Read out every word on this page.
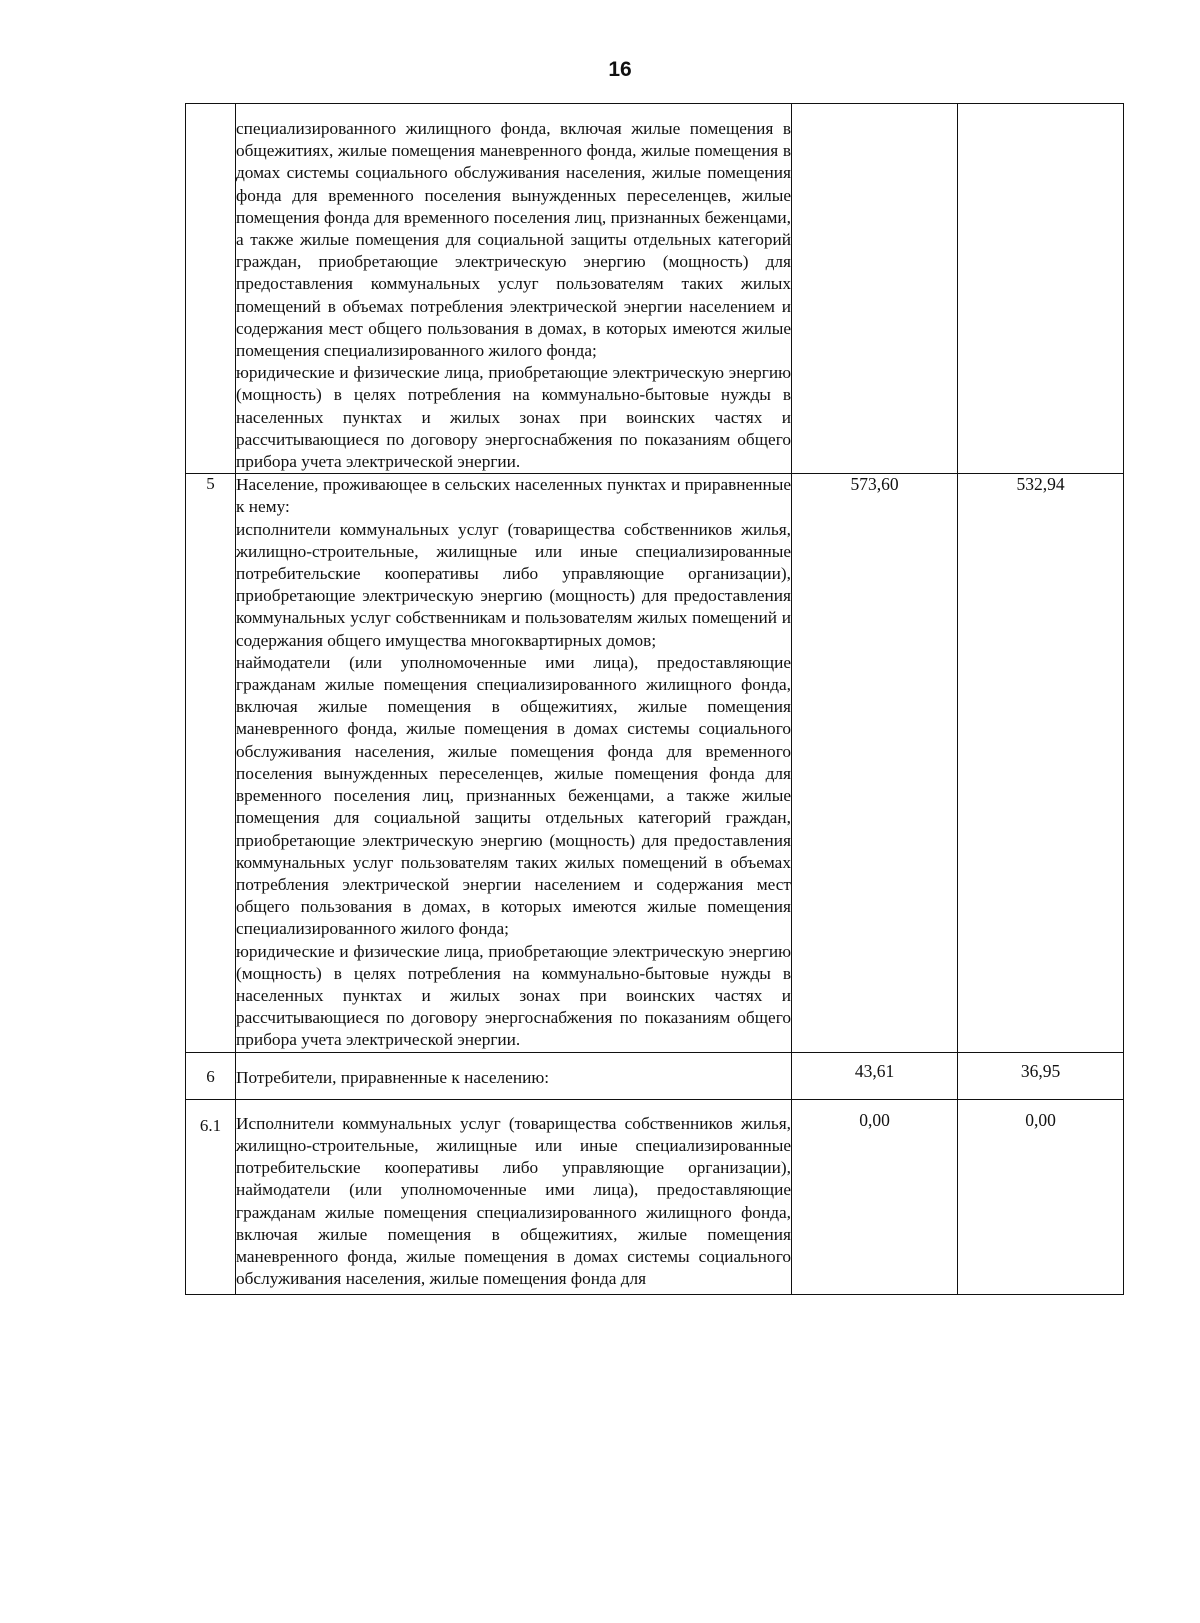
16

	специализированного жилищного фонда, включая жилые помещения в общежитиях, жилые помещения маневренного фонда, жилые помещения в домах системы социального обслуживания населения, жилые помещения фонда для временного поселения вынужденных переселенцев, жилые помещения фонда для временного поселения лиц, признанных беженцами, а также жилые помещения для социальной защиты отдельных категорий граждан, приобретающие электрическую энергию (мощность) для предоставления коммунальных услуг пользователям таких жилых помещений в объемах потребления электрической энергии населением и содержания мест общего пользования в домах, в которых имеются жилые помещения специализированного жилого фонда;

юридические и физические лица, приобретающие электрическую энергию (мощность) в целях потребления на коммунально-бытовые нужды в населенных пунктах и жилых зонах при воинских частях и рассчитывающиеся по договору энергоснабжения по показаниям общего прибора учета электрической энергии.		

5	Население, проживающее в сельских населенных пунктах и приравненные к нему:

исполнители коммунальных услуг (товарищества собственников жилья, жилищно-строительные, жилищные или иные специализированные потребительские кооперативы либо управляющие организации), приобретающие электрическую энергию (мощность) для предоставления коммунальных услуг собственникам и пользователям жилых помещений и содержания общего имущества многоквартирных домов;

наймодатели (или уполномоченные ими лица), предоставляющие гражданам жилые помещения специализированного жилищного фонда, включая жилые помещения в общежитиях, жилые помещения маневренного фонда, жилые помещения в домах системы социального обслуживания населения, жилые помещения фонда для временного поселения вынужденных переселенцев, жилые помещения фонда для временного поселения лиц, признанных беженцами, а также жилые помещения для социальной защиты отдельных категорий граждан, приобретающие электрическую энергию (мощность) для предоставления коммунальных услуг пользователям таких жилых помещений в объемах потребления электрической энергии населением и содержания мест общего пользования в домах, в которых имеются жилые помещения специализированного жилого фонда;

юридические и физические лица, приобретающие электрическую энергию (мощность) в целях потребления на коммунально-бытовые нужды в населенных пунктах и жилых зонах при воинских частях и рассчитывающиеся по договору энергоснабжения по показаниям общего прибора учета электрической энергии.	573,60	532,94
6	Потребители, приравненные к населению:	43,61	36,95
6.1	Исполнители коммунальных услуг (товарищества собственников жилья, жилищно-строительные, жилищные или иные специализированные потребительские кооперативы либо управляющие организации), наймодатели (или уполномоченные ими лица), предоставляющие гражданам жилые помещения специализированного жилищного фонда, включая жилые помещения в общежитиях, жилые помещения маневренного фонда, жилые помещения в домах системы социального обслуживания населения, жилые помещения фонда для	0,00	0,00
